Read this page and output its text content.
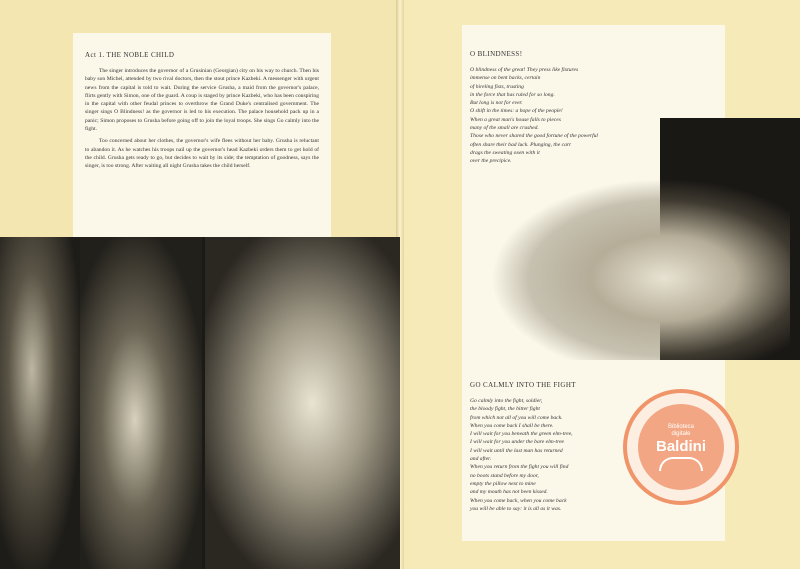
Act 1. THE NOBLE CHILD

The singer introduces the governor of a Grusinian (Georgian) city on his way to church. Then his baby son Michel, attended by two rival doctors, then the stout prince Kazbeki. A messenger with urgent news from the capital is told to wait. During the service Grusha, a maid from the governor's palace, flirts gently with Simon, one of the guard. A coup is staged by prince Kazbeki, who has been conspiring in the capital with other feudal princes to overthrow the Grand Duke's centralised government. The singer sings O Blindness! as the governor is led to his execution. The palace household pack up in a panic; Simon proposes to Grusha before going off to join the loyal troops. She sings Go calmly into the fight.

Too concerned about her clothes, the governor's wife flees without her baby. Grusha is reluctant to abandon it. As he watches his troops nail up the governor's head Kazbeki orders them to get hold of the child. Grusha gets ready to go, but decides to wait by its side; the temptation of goodness, says the singer, is too strong. After waiting all night Grusha takes the child herself.

O BLINDNESS!
O blindness of the great! They press like fixtures
immense on bent backs, certain
of hireling fists, trusting
in the force that has ruled for so long.
But long is not for ever.
O shift in the times: a hope of the people!
When a great man's house falls to pieces
many of the small are crushed.
Those who never shared the good fortune of the powerful
often share their bad luck. Plunging, the cart
drags the sweating oxen with it
over the precipice.
GO CALMLY INTO THE FIGHT
Go calmly into the fight, soldier,
the bloody fight, the bitter fight
from which not all of you will come back.
When you come back I shall be there.
I will wait for you beneath the green elm-tree,
I will wait for you under the bare elm-tree
I will wait until the last man has returned
and after.
When you return from the fight you will find
no boots stand before my door,
empty the pillow next to mine
and my mouth has not been kissed.
When you come back, when you come back
you will be able to say: it is all as it was.
Biblioteca
digitale
Baldini
